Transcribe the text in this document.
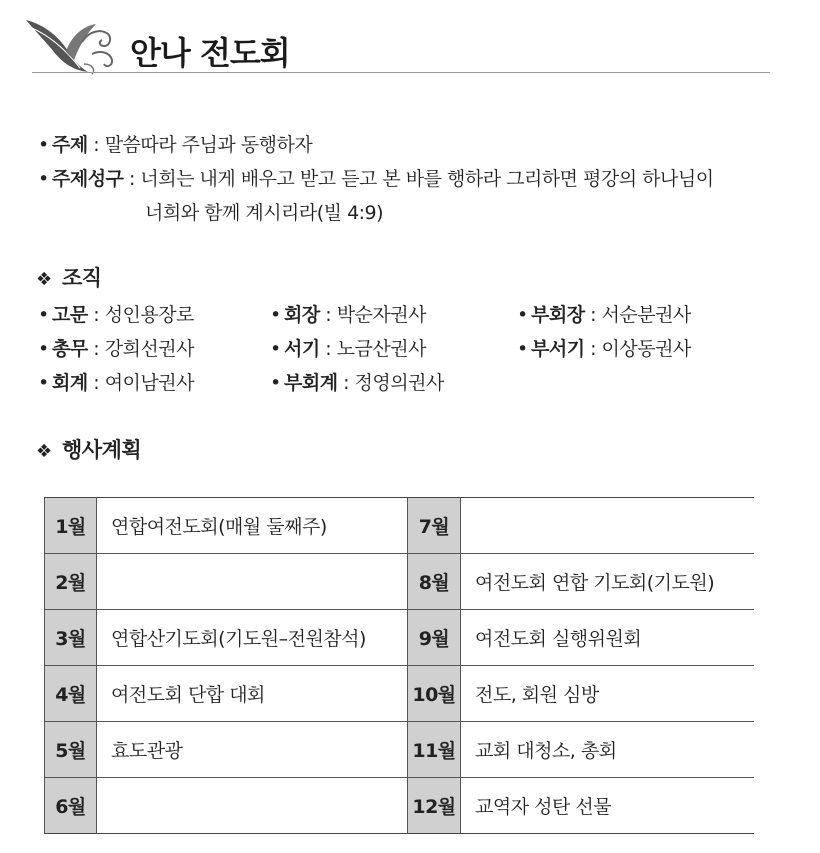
안나 전도회
• 주제 : 말씀따라 주님과 동행하자
• 주제성구 : 너희는 내게 배우고 받고 듣고 본 바를 행하라 그리하면 평강의 하나님이
너희와 함께 계시리라(빌 4:9)
❖ 조직
• 고문 : 성인용장로	• 회장 : 박순자권사	• 부회장 : 서순분권사
• 총무 : 강희선권사	• 서기 : 노금산권사	• 부서기 : 이상동권사
• 회계 : 여이남권사	• 부회계 : 정영의권사
❖ 행사계획
1월	연합여전도회(매월 둘째주)	7월	
2월		8월	여전도회 연합 기도회(기도원)
3월	연합산기도회(기도원–전원참석)	9월	여전도회 실행위원회
4월	여전도회 단합 대회	10월	전도, 회원 심방
5월	효도관광	11월	교회 대청소, 총회
6월		12월	교역자 성탄 선물
